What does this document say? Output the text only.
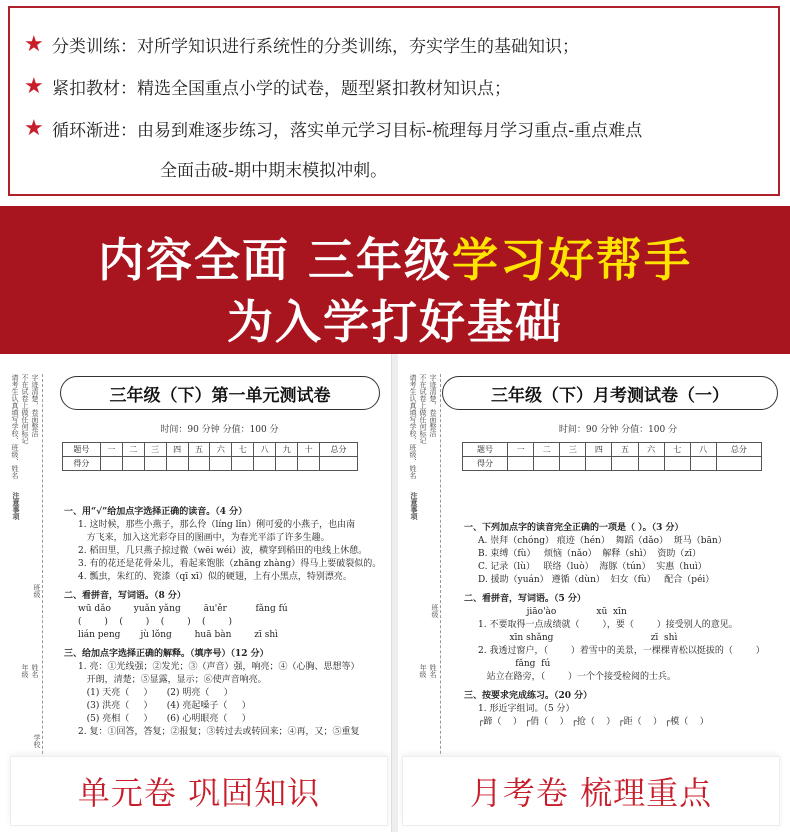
★ 分类训练： 对所学知识进行系统性的分类训练，夯实学生的基础知识；
★ 紧扣教材： 精选全国重点小学的试卷，题型紧扣教材知识点；
★ 循环渐进： 由易到难逐步练习，落实单元学习目标-梳理每月学习重点-重点难点
全面击破-期中期末模拟冲刺。
内容全面 三年级学习好帮手
为入学打好基础
请考生认真填写学校、班级、姓名 不在试卷上做任何标记 字迹清楚，卷面整洁
注意事项
班级
年级 姓名
学校
三年级（下）第一单元测试卷
时间：90 分钟 分值：100 分
题号	一	二	三	四	五	六	七	八	九	十	总分
得分											
一、用“√”给加点字选择正确的读音。（4 分）
1. 这时候，那些小燕子，那么伶（líng lǐn）俐可爱的小燕子，也由南
方飞来，加入这光彩夺目的图画中，为春光平添了许多生趣。
2. 稻田里，几只燕子掠过微（wēi wéi）波，横穿到稻田的电线上休憩。
3. 有的花还是花骨朵儿，看起来饱胀（zhāng zhàng）得马上要破裂似的。
4. 瓢虫，朱红的、瓷漆（qī xī）似的硬翅，上有小黑点，特别漂亮。
二、看拼音，写词语。（8 分）
wū dǎo        yuǎn yǎng        āu'ěr          fǎng fú
(        )    (        )    (        )    (        )
lián peng       jù lǒng        huā bàn        zī shì
三、给加点字选择正确的解释。（填序号）（12 分）
1. 亮：①光线强；②发光；③（声音）强，响亮；④（心胸、思想等）
开朗，清楚；⑤显露，显示；⑥使声音响亮。
(1) 天亮（     ）     (2) 明亮（     ）
(3) 洪亮（     ）     (4) 亮起嗓子（     ）
(5) 亮相（     ）     (6) 心明眼亮（     ）
2. 复：①回答，答复；②报复；③转过去或转回来；④再，又；⑤重复
请考生认真填写学校、班级、姓名 不在试卷上做任何标记 字迹清楚，卷面整洁
注意事项
班级
年级 姓名
三年级（下）月考测试卷（一）
时间：90 分钟 分值：100 分
题号	一	二	三	四	五	六	七	八	总分
得分									
一、下列加点字的读音完全正确的一项是（ ）。（3 分）
A. 崇拜（chóng） 痕迹（hén）  舞蹈（dǎo）  斑马（bān）
B. 束缚（fù）   烦恼（nǎo）  解释（shì）  资助（zī）
C. 记录（lù）   联络（luò）  海豚（tún）  实惠（huì）
D. 援助（yuán） 遵循（dùn）  妇女（fù）   配合（péi）
二、看拼音，写词语。（5 分）
jiāo'ào              xū  xīn
1. 不要取得一点成绩就（        ），要（        ）接受别人的意见。
xīn shǎng                                  zī  shì
2. 我透过窗户，（        ）着雪中的美景，一棵棵青松以挺拔的（        ）
fǎng  fú
站立在路旁，（        ）一个个接受检阅的士兵。
三、按要求完成练习。（20 分）
1. 形近字组词。（5 分）
┌蹄（    ） ┌俏（    ） ┌抢（    ） ┌距（    ） ┌模（    ）
单元卷 巩固知识	月考卷 梳理重点
